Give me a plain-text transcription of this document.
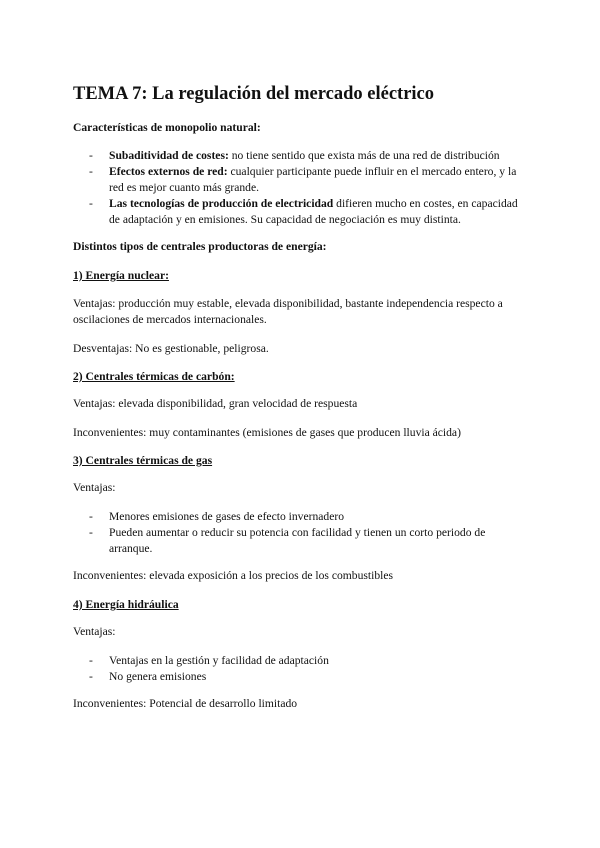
TEMA 7: La regulación del mercado eléctrico

Características de monopolio natural:

- Subaditividad de costes: no tiene sentido que exista más de una red de distribución

- Efectos externos de red: cualquier participante puede influir en el mercado entero, y la red es mejor cuanto más grande.

- Las tecnologías de producción de electricidad difieren mucho en costes, en capacidad de adaptación y en emisiones. Su capacidad de negociación es muy distinta.

Distintos tipos de centrales productoras de energía:

1) Energía nuclear:

Ventajas: producción muy estable, elevada disponibilidad, bastante independencia respecto a oscilaciones de mercados internacionales.

Desventajas: No es gestionable, peligrosa.

2) Centrales térmicas de carbón:

Ventajas: elevada disponibilidad, gran velocidad de respuesta

Inconvenientes: muy contaminantes (emisiones de gases que producen lluvia ácida)

3) Centrales térmicas de gas

Ventajas:

- Menores emisiones de gases de efecto invernadero

- Pueden aumentar o reducir su potencia con facilidad y tienen un corto periodo de arranque.

Inconvenientes: elevada exposición a los precios de los combustibles

4) Energía hidráulica

Ventajas:

- Ventajas en la gestión y facilidad de adaptación

- No genera emisiones

Inconvenientes: Potencial de desarrollo limitado
